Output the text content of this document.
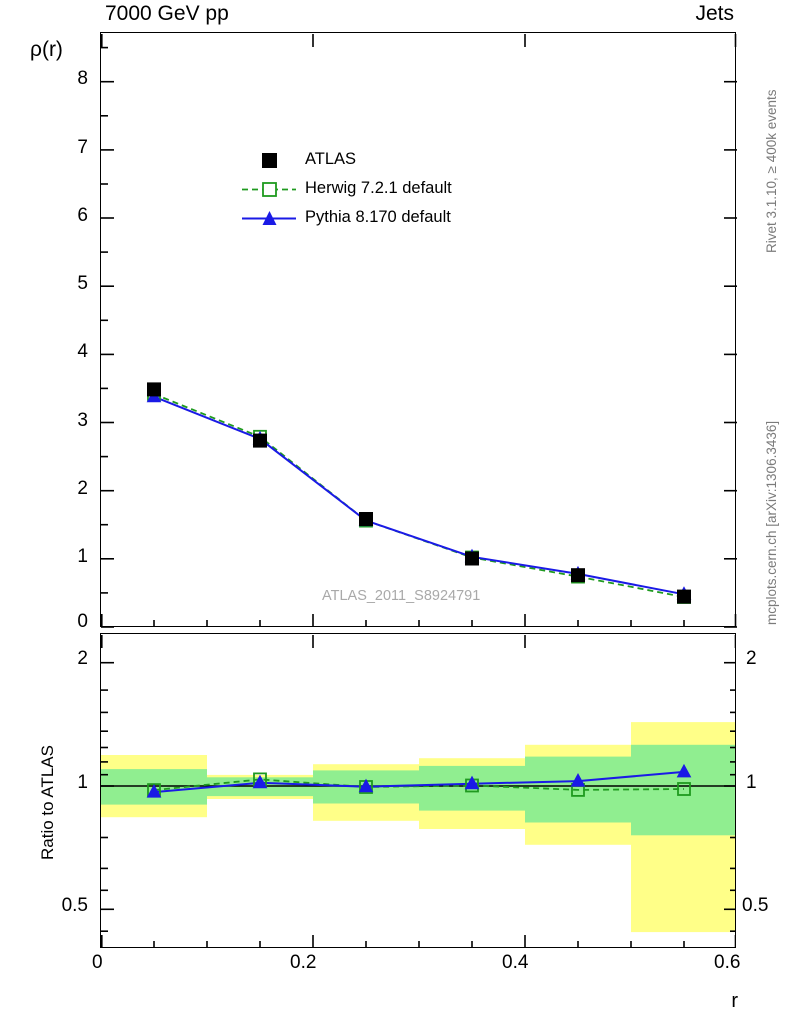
7000 GeV pp	Jets
Rivet 3.1.10, ≥ 400k events
mcplots.cern.ch [arXiv:1306.3436]
ρ(r)
ATLAS
Herwig 7.2.1 default
Pythia 8.170 default
0
1
2
3
4
5
6
7
8
ATLAS_2011_S8924791
2
1
0.5
2
1
0.5
Ratio to ATLAS
0	0.2	0.4	0.6
r
